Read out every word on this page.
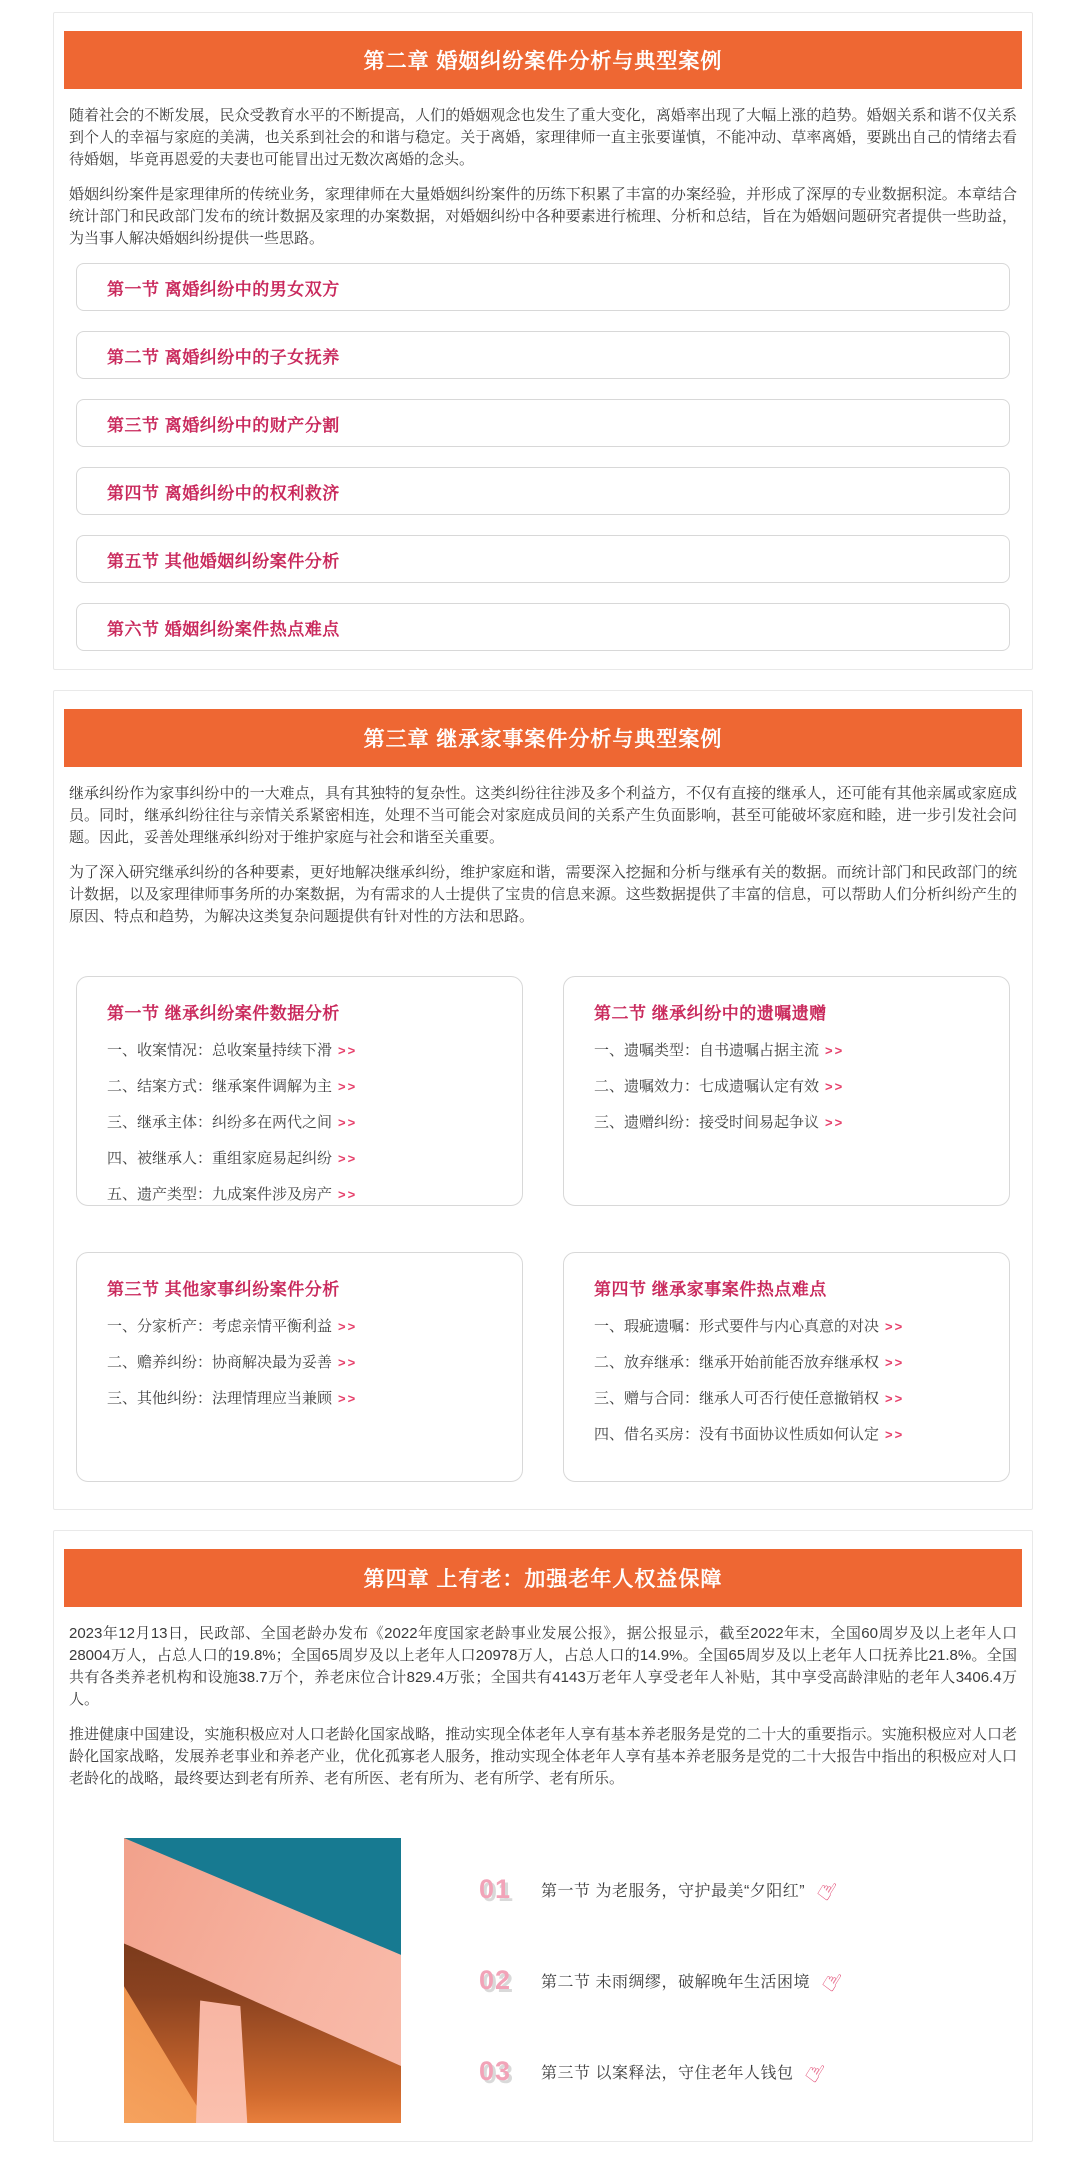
第二章 婚姻纠纷案件分析与典型案例

随着社会的不断发展，民众受教育水平的不断提高，人们的婚姻观念也发生了重大变化，离婚率出现了大幅上涨的趋势。婚姻关系和谐不仅关系到个人的幸福与家庭的美满，也关系到社会的和谐与稳定。关于离婚，家理律师一直主张要谨慎，不能冲动、草率离婚，要跳出自己的情绪去看待婚姻，毕竟再恩爱的夫妻也可能冒出过无数次离婚的念头。

婚姻纠纷案件是家理律所的传统业务，家理律师在大量婚姻纠纷案件的历练下积累了丰富的办案经验，并形成了深厚的专业数据积淀。本章结合统计部门和民政部门发布的统计数据及家理的办案数据，对婚姻纠纷中各种要素进行梳理、分析和总结，旨在为婚姻问题研究者提供一些助益，为当事人解决婚姻纠纷提供一些思路。

第一节 离婚纠纷中的男女双方
第二节 离婚纠纷中的子女抚养
第三节 离婚纠纷中的财产分割
第四节 离婚纠纷中的权利救济
第五节 其他婚姻纠纷案件分析
第六节 婚姻纠纷案件热点难点
第三章 继承家事案件分析与典型案例

继承纠纷作为家事纠纷中的一大难点，具有其独特的复杂性。这类纠纷往往涉及多个利益方，不仅有直接的继承人，还可能有其他亲属或家庭成员。同时，继承纠纷往往与亲情关系紧密相连，处理不当可能会对家庭成员间的关系产生负面影响，甚至可能破坏家庭和睦，进一步引发社会问题。因此，妥善处理继承纠纷对于维护家庭与社会和谐至关重要。

为了深入研究继承纠纷的各种要素，更好地解决继承纠纷，维护家庭和谐，需要深入挖掘和分析与继承有关的数据。而统计部门和民政部门的统计数据，以及家理律师事务所的办案数据，为有需求的人士提供了宝贵的信息来源。这些数据提供了丰富的信息，可以帮助人们分析纠纷产生的原因、特点和趋势，为解决这类复杂问题提供有针对性的方法和思路。

第一节 继承纠纷案件数据分析
一、收案情况：总收案量持续下滑 >>
二、结案方式：继承案件调解为主 >>
三、继承主体：纠纷多在两代之间 >>
四、被继承人：重组家庭易起纠纷 >>
五、遗产类型：九成案件涉及房产 >>
第二节 继承纠纷中的遗嘱遗赠
一、遗嘱类型：自书遗嘱占据主流 >>
二、遗嘱效力：七成遗嘱认定有效 >>
三、遗赠纠纷：接受时间易起争议 >>
第三节 其他家事纠纷案件分析
一、分家析产：考虑亲情平衡利益 >>
二、赡养纠纷：协商解决最为妥善 >>
三、其他纠纷：法理情理应当兼顾 >>
第四节 继承家事案件热点难点
一、瑕疵遗嘱：形式要件与内心真意的对决 >>
二、放弃继承：继承开始前能否放弃继承权 >>
三、赠与合同：继承人可否行使任意撤销权 >>
四、借名买房：没有书面协议性质如何认定 >>
第四章 上有老：加强老年人权益保障

2023年12月13日，民政部、全国老龄办发布《2022年度国家老龄事业发展公报》，据公报显示，截至2022年末，全国60周岁及以上老年人口28004万人，占总人口的19.8%；全国65周岁及以上老年人口20978万人，占总人口的14.9%。全国65周岁及以上老年人口抚养比21.8%。全国共有各类养老机构和设施38.7万个，养老床位合计829.4万张；全国共有4143万老年人享受老年人补贴，其中享受高龄津贴的老年人3406.4万人。

推进健康中国建设，实施积极应对人口老龄化国家战略，推动实现全体老年人享有基本养老服务是党的二十大的重要指示。实施积极应对人口老龄化国家战略，发展养老事业和养老产业，优化孤寡老人服务，推动实现全体老年人享有基本养老服务是党的二十大报告中指出的积极应对人口老龄化的战略，最终要达到老有所养、老有所医、老有所为、老有所学、老有所乐。

01	第一节 为老服务，守护最美“夕阳红” ☝
02	第二节 未雨绸缪，破解晚年生活困境 ☝
03	第三节 以案释法，守住老年人钱包 ☝
